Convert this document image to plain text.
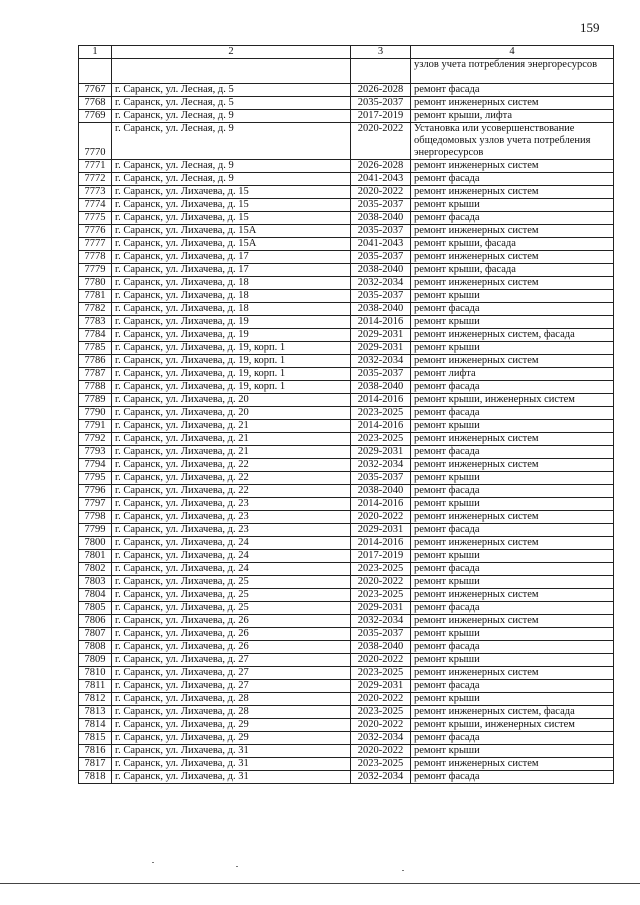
159
1	2	3	4
			узлов учета потребления энергоресурсов
7767	г. Саранск, ул. Лесная, д. 5	2026-2028	ремонт фасада
7768	г. Саранск, ул. Лесная, д. 5	2035-2037	ремонт инженерных систем
7769	г. Саранск, ул. Лесная, д. 9	2017-2019	ремонт крыши, лифта
7770	г. Саранск, ул. Лесная, д. 9	2020-2022	Установка или усовершенствование общедомовых узлов учета потребления энергоресурсов
7771	г. Саранск, ул. Лесная, д. 9	2026-2028	ремонт инженерных систем
7772	г. Саранск, ул. Лесная, д. 9	2041-2043	ремонт фасада
7773	г. Саранск, ул. Лихачева, д. 15	2020-2022	ремонт инженерных систем
7774	г. Саранск, ул. Лихачева, д. 15	2035-2037	ремонт крыши
7775	г. Саранск, ул. Лихачева, д. 15	2038-2040	ремонт фасада
7776	г. Саранск, ул. Лихачева, д. 15А	2035-2037	ремонт инженерных систем
7777	г. Саранск, ул. Лихачева, д. 15А	2041-2043	ремонт крыши, фасада
7778	г. Саранск, ул. Лихачева, д. 17	2035-2037	ремонт инженерных систем
7779	г. Саранск, ул. Лихачева, д. 17	2038-2040	ремонт крыши, фасада
7780	г. Саранск, ул. Лихачева, д. 18	2032-2034	ремонт инженерных систем
7781	г. Саранск, ул. Лихачева, д. 18	2035-2037	ремонт крыши
7782	г. Саранск, ул. Лихачева, д. 18	2038-2040	ремонт фасада
7783	г. Саранск, ул. Лихачева, д. 19	2014-2016	ремонт крыши
7784	г. Саранск, ул. Лихачева, д. 19	2029-2031	ремонт инженерных систем, фасада
7785	г. Саранск, ул. Лихачева, д. 19, корп. 1	2029-2031	ремонт крыши
7786	г. Саранск, ул. Лихачева, д. 19, корп. 1	2032-2034	ремонт инженерных систем
7787	г. Саранск, ул. Лихачева, д. 19, корп. 1	2035-2037	ремонт лифта
7788	г. Саранск, ул. Лихачева, д. 19, корп. 1	2038-2040	ремонт фасада
7789	г. Саранск, ул. Лихачева, д. 20	2014-2016	ремонт крыши, инженерных систем
7790	г. Саранск, ул. Лихачева, д. 20	2023-2025	ремонт фасада
7791	г. Саранск, ул. Лихачева, д. 21	2014-2016	ремонт крыши
7792	г. Саранск, ул. Лихачева, д. 21	2023-2025	ремонт инженерных систем
7793	г. Саранск, ул. Лихачева, д. 21	2029-2031	ремонт фасада
7794	г. Саранск, ул. Лихачева, д. 22	2032-2034	ремонт инженерных систем
7795	г. Саранск, ул. Лихачева, д. 22	2035-2037	ремонт крыши
7796	г. Саранск, ул. Лихачева, д. 22	2038-2040	ремонт фасада
7797	г. Саранск, ул. Лихачева, д. 23	2014-2016	ремонт крыши
7798	г. Саранск, ул. Лихачева, д. 23	2020-2022	ремонт инженерных систем
7799	г. Саранск, ул. Лихачева, д. 23	2029-2031	ремонт фасада
7800	г. Саранск, ул. Лихачева, д. 24	2014-2016	ремонт инженерных систем
7801	г. Саранск, ул. Лихачева, д. 24	2017-2019	ремонт крыши
7802	г. Саранск, ул. Лихачева, д. 24	2023-2025	ремонт фасада
7803	г. Саранск, ул. Лихачева, д. 25	2020-2022	ремонт крыши
7804	г. Саранск, ул. Лихачева, д. 25	2023-2025	ремонт инженерных систем
7805	г. Саранск, ул. Лихачева, д. 25	2029-2031	ремонт фасада
7806	г. Саранск, ул. Лихачева, д. 26	2032-2034	ремонт инженерных систем
7807	г. Саранск, ул. Лихачева, д. 26	2035-2037	ремонт крыши
7808	г. Саранск, ул. Лихачева, д. 26	2038-2040	ремонт фасада
7809	г. Саранск, ул. Лихачева, д. 27	2020-2022	ремонт крыши
7810	г. Саранск, ул. Лихачева, д. 27	2023-2025	ремонт инженерных систем
7811	г. Саранск, ул. Лихачева, д. 27	2029-2031	ремонт фасада
7812	г. Саранск, ул. Лихачева, д. 28	2020-2022	ремонт крыши
7813	г. Саранск, ул. Лихачева, д. 28	2023-2025	ремонт инженерных систем, фасада
7814	г. Саранск, ул. Лихачева, д. 29	2020-2022	ремонт крыши, инженерных систем
7815	г. Саранск, ул. Лихачева, д. 29	2032-2034	ремонт фасада
7816	г. Саранск, ул. Лихачева, д. 31	2020-2022	ремонт крыши
7817	г. Саранск, ул. Лихачева, д. 31	2023-2025	ремонт инженерных систем
7818	г. Саранск, ул. Лихачева, д. 31	2032-2034	ремонт фасада
